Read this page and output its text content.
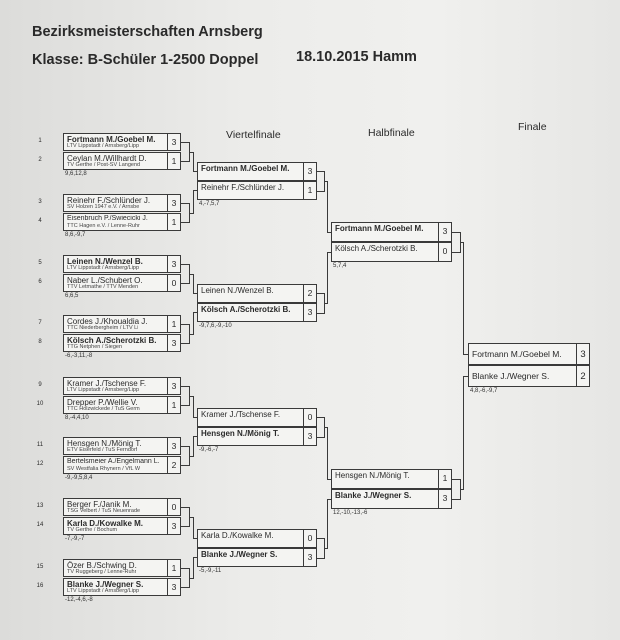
Bezirksmeisterschaften Arnsberg
Klasse: B-Schüler 1-2500 Doppel	18.10.2015 Hamm
Viertelfinale	Halbfinale	Finale
1	Fortmann M./Goebel M.
LTV Lippstadt / Arnsberg/Lipp	3
2	Ceylan M./Willhardt D.
TV Gerthe / Post-SV Langend	1
9,6,12,8
3	Reinehr F./Schlünder J.
SV Holzen 1947 e.V. / Arnsbe	3
4	Eisenbruch P./Swiecicki J.
TTC Hagen e.V. / Lenne-Ruhr	1
8,6,-9,7
5	Leinen N./Wenzel B.
LTV Lippstadt / Arnsberg/Lipp	3
6	Naber L./Schubert O.
TTV Letmathe / TTV Menden	0
6,6,5
7	Cordes J./Khoualdia J.
TTC Niederbergheim / LTV Li	1
8	Kölsch A./Scherotzki B.
TTG Netphen / Siegen	3
-6,-3,11,-8
9	Kramer J./Tschense F.
LTV Lippstadt / Arnsberg/Lipp	3
10	Drepper P./Wellie V.
TTC Holzwickede / TuS Germ	1
8,-4,4,10
11	Hensgen N./Mönig T.
ETV Eiserfeld / TuS Ferndorf	3
12	Bertelsmeier A./Engelmann L.
SV Westfalia Rhynern / VfL W	2
-9,-9,5,8,4
13	Berger F./Janik M.
TSG Velbert / TuS Neuenrade	0
14	Karla D./Kowalke M.
TV Gerthe / Bochum	3
-7,-9,-7
15	Özer B./Schwing D.
TV Ruggeberg / Lenne-Ruhr	1
16	Blanke J./Wegner S.
LTV Lippstadt / Arnsberg/Lipp	3
-12,-4,6,-8
Fortmann M./Goebel M.	3
Reinehr F./Schlünder J.	1
4,-7,5,7
Leinen N./Wenzel B.	2
Kölsch A./Scherotzki B.	3
-9,7,6,-9,-10
Kramer J./Tschense F.	0
Hensgen N./Mönig T.	3
-9,-6,-7
Karla D./Kowalke M.	0
Blanke J./Wegner S.	3
-5,-9,-11
Fortmann M./Goebel M.	3
Kölsch A./Scherotzki B.	0
5,7,4
Hensgen N./Mönig T.	1
Blanke J./Wegner S.	3
12,-10,-13,-6
Fortmann M./Goebel M.	3
Blanke J./Wegner S.	2
4,8,-6,-9,7
